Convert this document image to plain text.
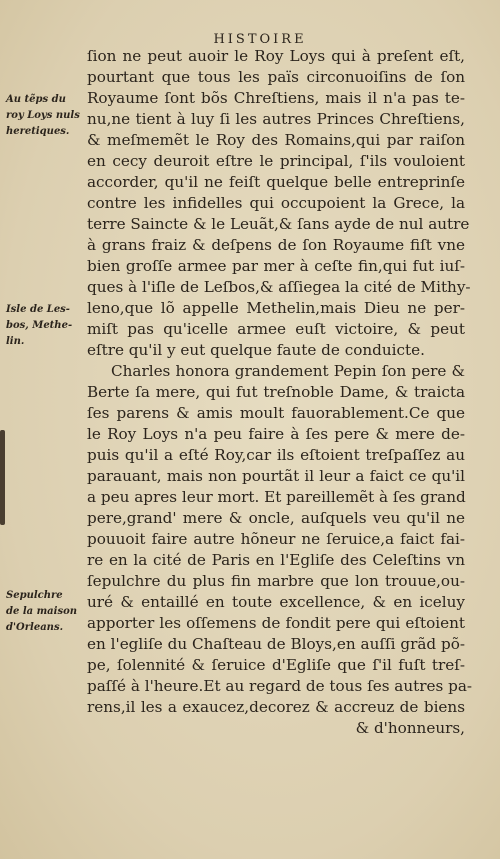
HISTOIRE
Au tẽps du
roy Loys nuls
heretiques.
Isle de Les-
bos, Methe-
lin.
Sepulchre
de la maison
d'Orleans.
ſion ne peut auoir le Roy Loys qui à preſent eſt,
pourtant que tous les païs circonuoiſins de ſon
Royaume ſont bõs Chreſtiens, mais il n'a pas te-
nu,ne tient à luy ſi les autres Princes Chreſtiens,
& meſmemẽt le Roy des Romains,qui par raiſon
en cecy deuroit eſtre le principal, ſ'ils vouloient
accorder, qu'il ne feiſt quelque belle entreprinſe
contre les infidelles qui occupoient la Grece, la
terre Saincte & le Leuãt,& ſans ayde de nul autre
à grans fraiz & deſpens de ſon Royaume fiſt vne
bien groſſe armee par mer à ceſte fin,qui fut iuſ-
ques à l'iſle de Leſbos,& aſſiegea la cité de Mithy-
leno,que lõ appelle Methelin,mais Dieu ne per-
miſt pas qu'icelle armee euſt victoire, & peut
eſtre qu'il y eut quelque faute de conduicte.
Charles honora grandement Pepin ſon pere &
Berte ſa mere, qui fut treſnoble Dame, & traicta
ſes parens & amis moult fauorablement.Ce que
le Roy Loys n'a peu faire à ſes pere & mere de-
puis qu'il a eſté Roy,car ils eſtoient treſpaſſez au
parauant, mais non pourtãt il leur a faict ce qu'il
a peu apres leur mort. Et pareillemẽt à ſes grand
pere,grand' mere & oncle, auſquels veu qu'il ne
pouuoit faire autre hõneur ne ſeruice,a faict fai-
re en la cité de Paris en l'Egliſe des Celeſtins vn
ſepulchre du plus fin marbre que lon trouue,ou-
uré & entaillé en toute excellence, & en iceluy
apporter les oſſemens de fondit pere qui eſtoient
en l'egliſe du Chaſteau de Bloys,en auſſi grãd põ-
pe, ſolennité & ſeruice d'Egliſe que ſ'il fuſt treſ-
paſſé à l'heure.Et au regard de tous ſes autres pa-
rens,il les a exaucez,decorez & accreuz de biens
& d'honneurs,
